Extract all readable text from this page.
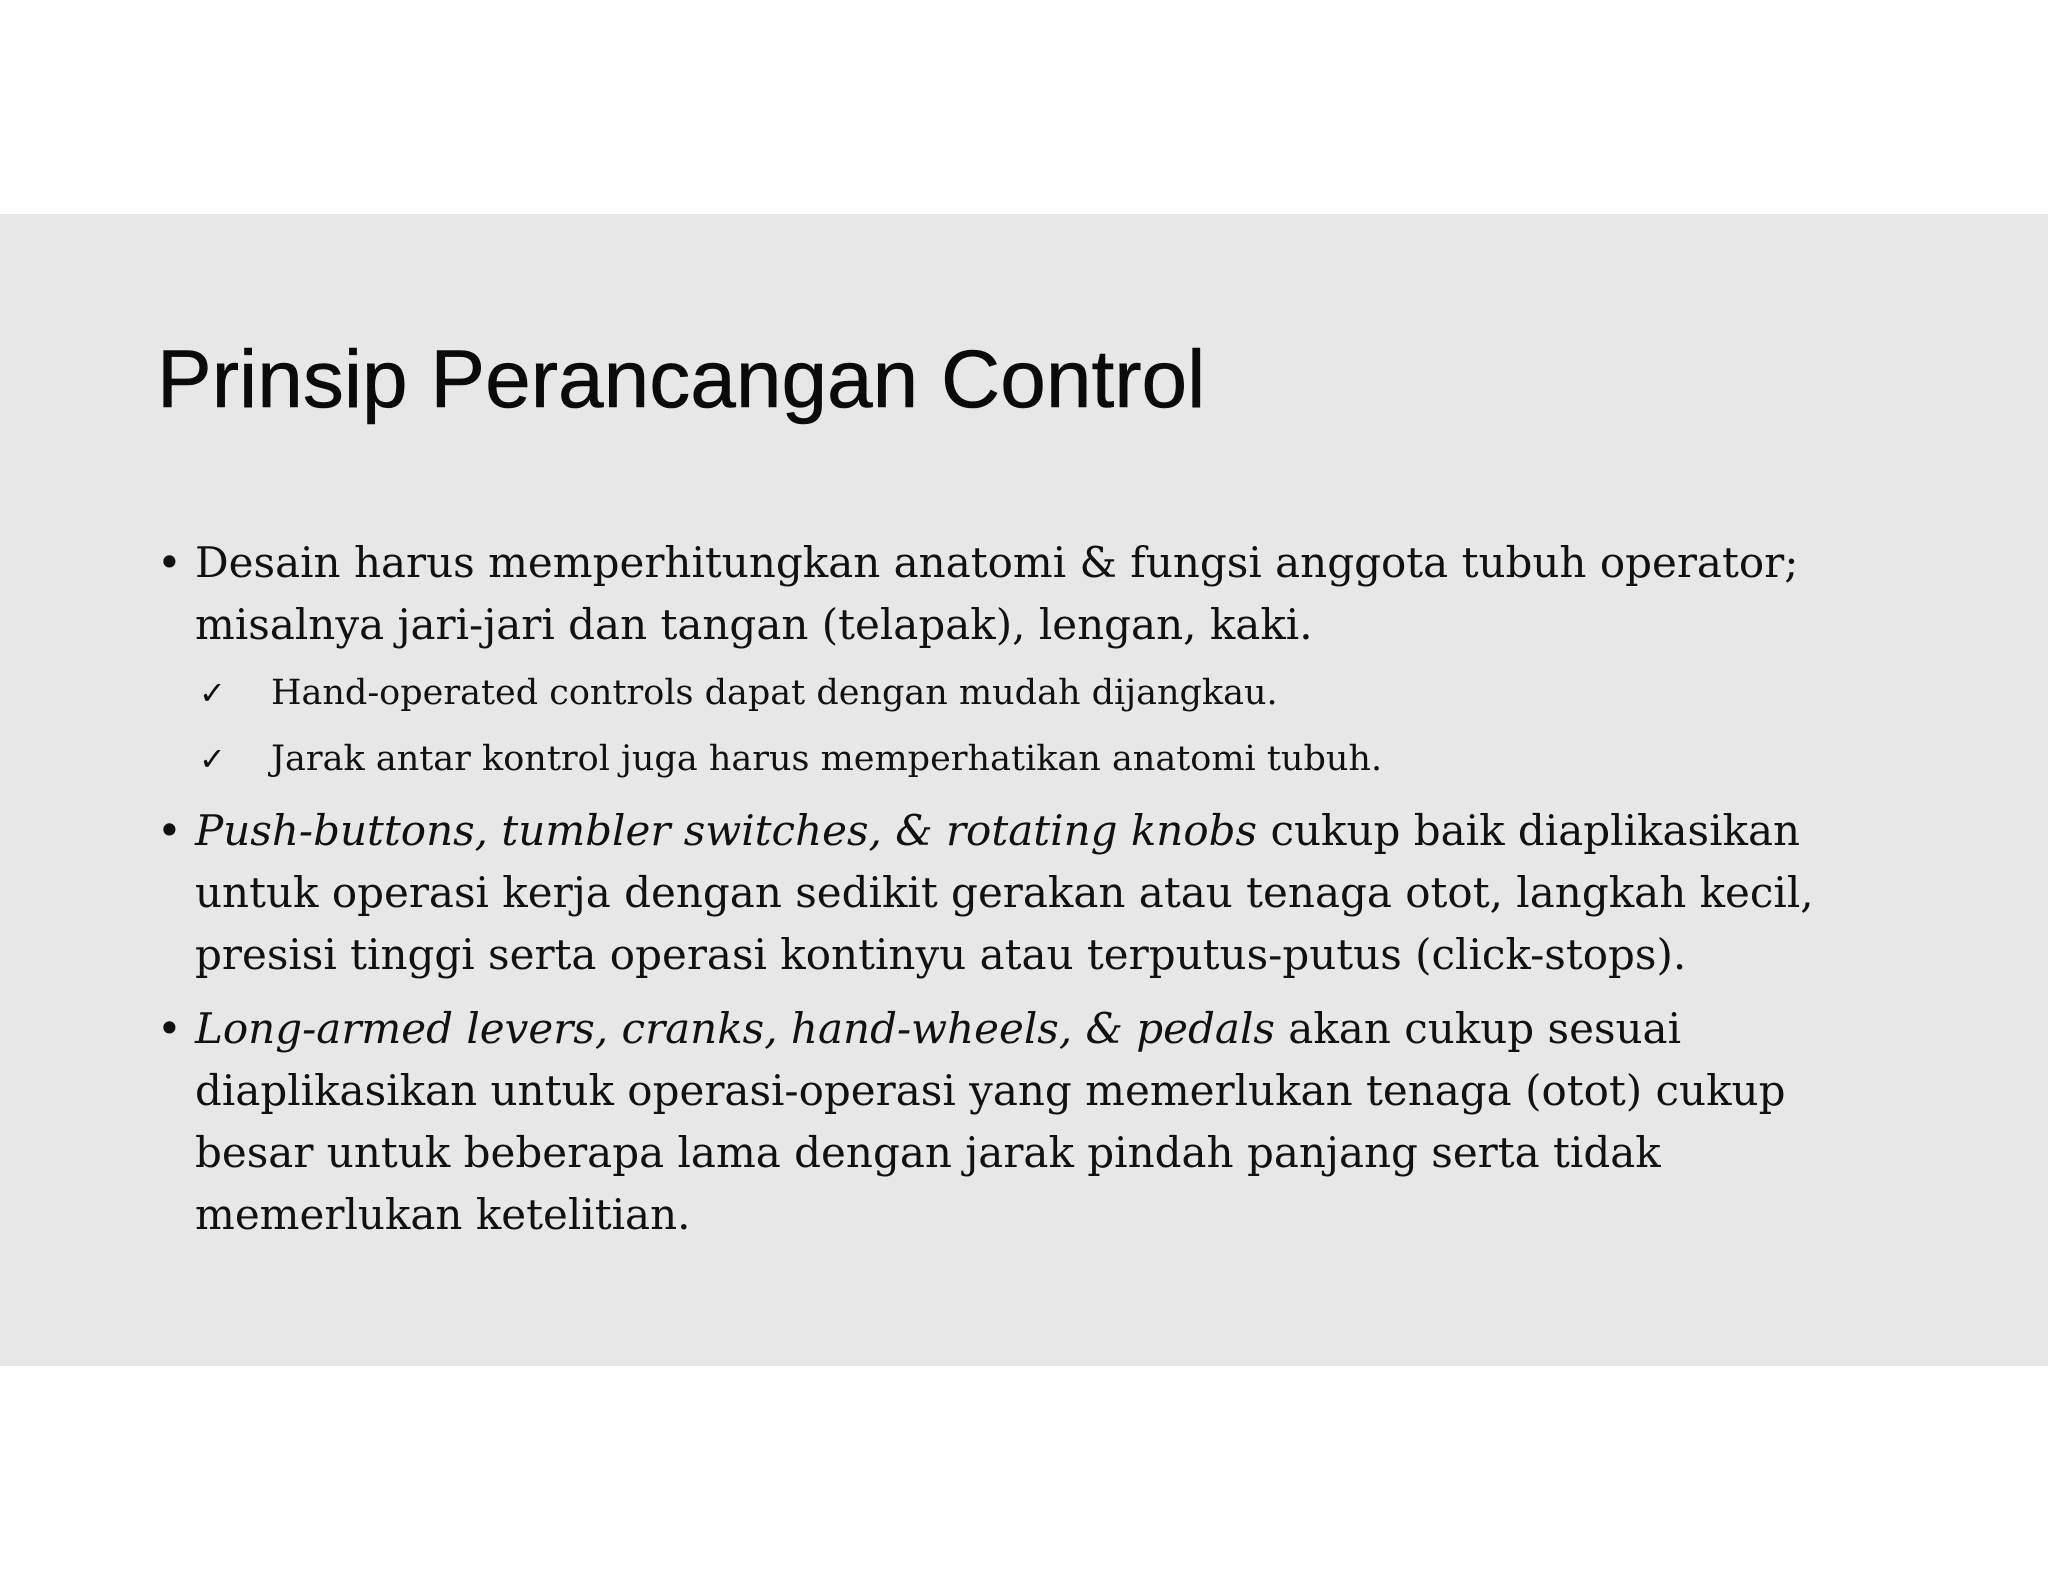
Prinsip Perancangan Control
• Desain harus memperhitungkan anatomi & fungsi anggota tubuh operator; misalnya jari-jari dan tangan (telapak), lengan, kaki.
✓ Hand-operated controls dapat dengan mudah dijangkau.
✓ Jarak antar kontrol juga harus memperhatikan anatomi tubuh.
• Push-buttons, tumbler switches, & rotating knobs cukup baik diaplikasikan untuk operasi kerja dengan sedikit gerakan atau tenaga otot, langkah kecil, presisi tinggi serta operasi kontinyu atau terputus-putus (click-stops).
• Long-armed levers, cranks, hand-wheels, & pedals akan cukup sesuai diaplikasikan untuk operasi-operasi yang memerlukan tenaga (otot) cukup besar untuk beberapa lama dengan jarak pindah panjang serta tidak memerlukan ketelitian.
